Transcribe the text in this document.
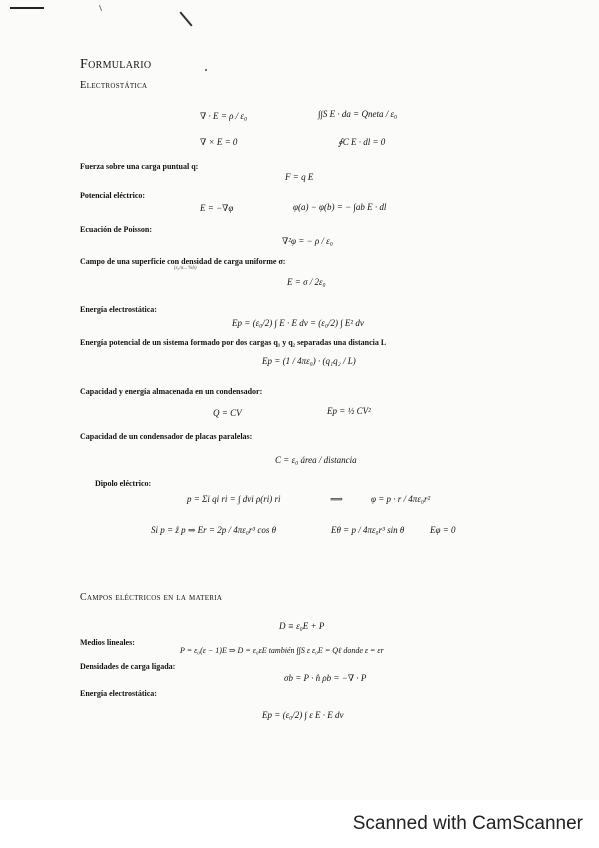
Formulario
Electrostática
∇ · E = ρ / ε₀	∫∫S E · da = Qneta / ε₀
∇ × E = 0	∮C E · dl = 0
Fuerza sobre una carga puntual q:
F = q E
Potencial eléctrico:
E = −∇φ	φ(a) − φ(b) = − ∫ab E · dl
Ecuación de Poisson:
∇²φ = − ρ / ε₀
Campo de una superficie con densidad de carga uniforme σ:
(ε₀/σ... %b)
E = σ / 2ε₀
Energía electrostática:
Ep = (ε₀/2) ∫ E · E dv = (ε₀/2) ∫ E² dv
Energía potencial de un sistema formado por dos cargas q₁ y q₂ separadas una distancia L
Ep = (1 / 4πε₀) · (q₁q₂ / L)
Capacidad y energía almacenada en un condensador:
Q = CV	Ep = ½ CV²
Capacidad de un condensador de placas paralelas:
C = ε₀ área / distancia
Dipolo eléctrico:
p = Σi qi ri = ∫ dvi ρ(ri) ri	⟹	φ = p · r / 4πε₀r²
Si p = ẑ p ⇒ Er = 2p / 4πε₀r³ cos θ	Eθ = p / 4πε₀r³ sin θ	Eφ = 0
Campos eléctricos en la materia
D ≡ ε₀E + P
Medios lineales:
P = ε₀(ε − 1)E ⇒ D = ε₀εE también ∫∫S ε ε₀E = Qℓ donde ε = εr
Densidades de carga ligada:
σb = P · n̂ ρb = −∇ · P
Energía electrostática:
Ep = (ε₀/2) ∫ ε E · E dv
Scanned with CamScanner
